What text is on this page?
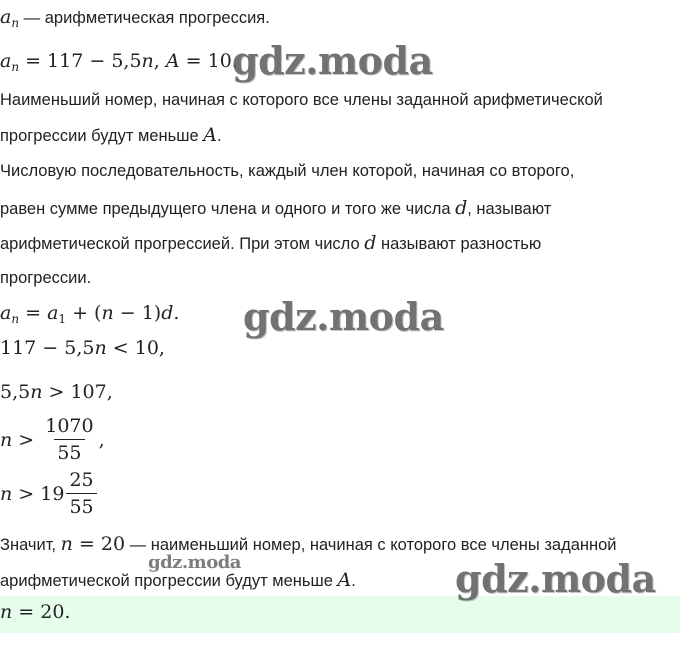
$a_n$ — арифметическая прогрессия.
$a_n = 117 - 5,5n$, A = 10.
Наименьший номер, начиная с которого все члены заданной арифметической
прогрессии будут меньше A.
Числовую последовательность, каждый член которой, начиная со второго,
равен сумме предыдущего члена и одного и того же числа d, называют
арифметической прогрессией. При этом число d называют разностью
прогрессии.
$a_n = a_1 + (n - 1)d$.
117 − 5,5n < 10,
5,5n > 107,
$n > \frac{1070}{55}$ ,
$n > 19 \frac{25}{55}$
Значит, n = 20 — наименьший номер, начиная с которого все члены заданной
арифметической прогрессии будут меньше A.
n = 20.
gdz.moda
gdz.moda
gdz.moda	gdz.moda
